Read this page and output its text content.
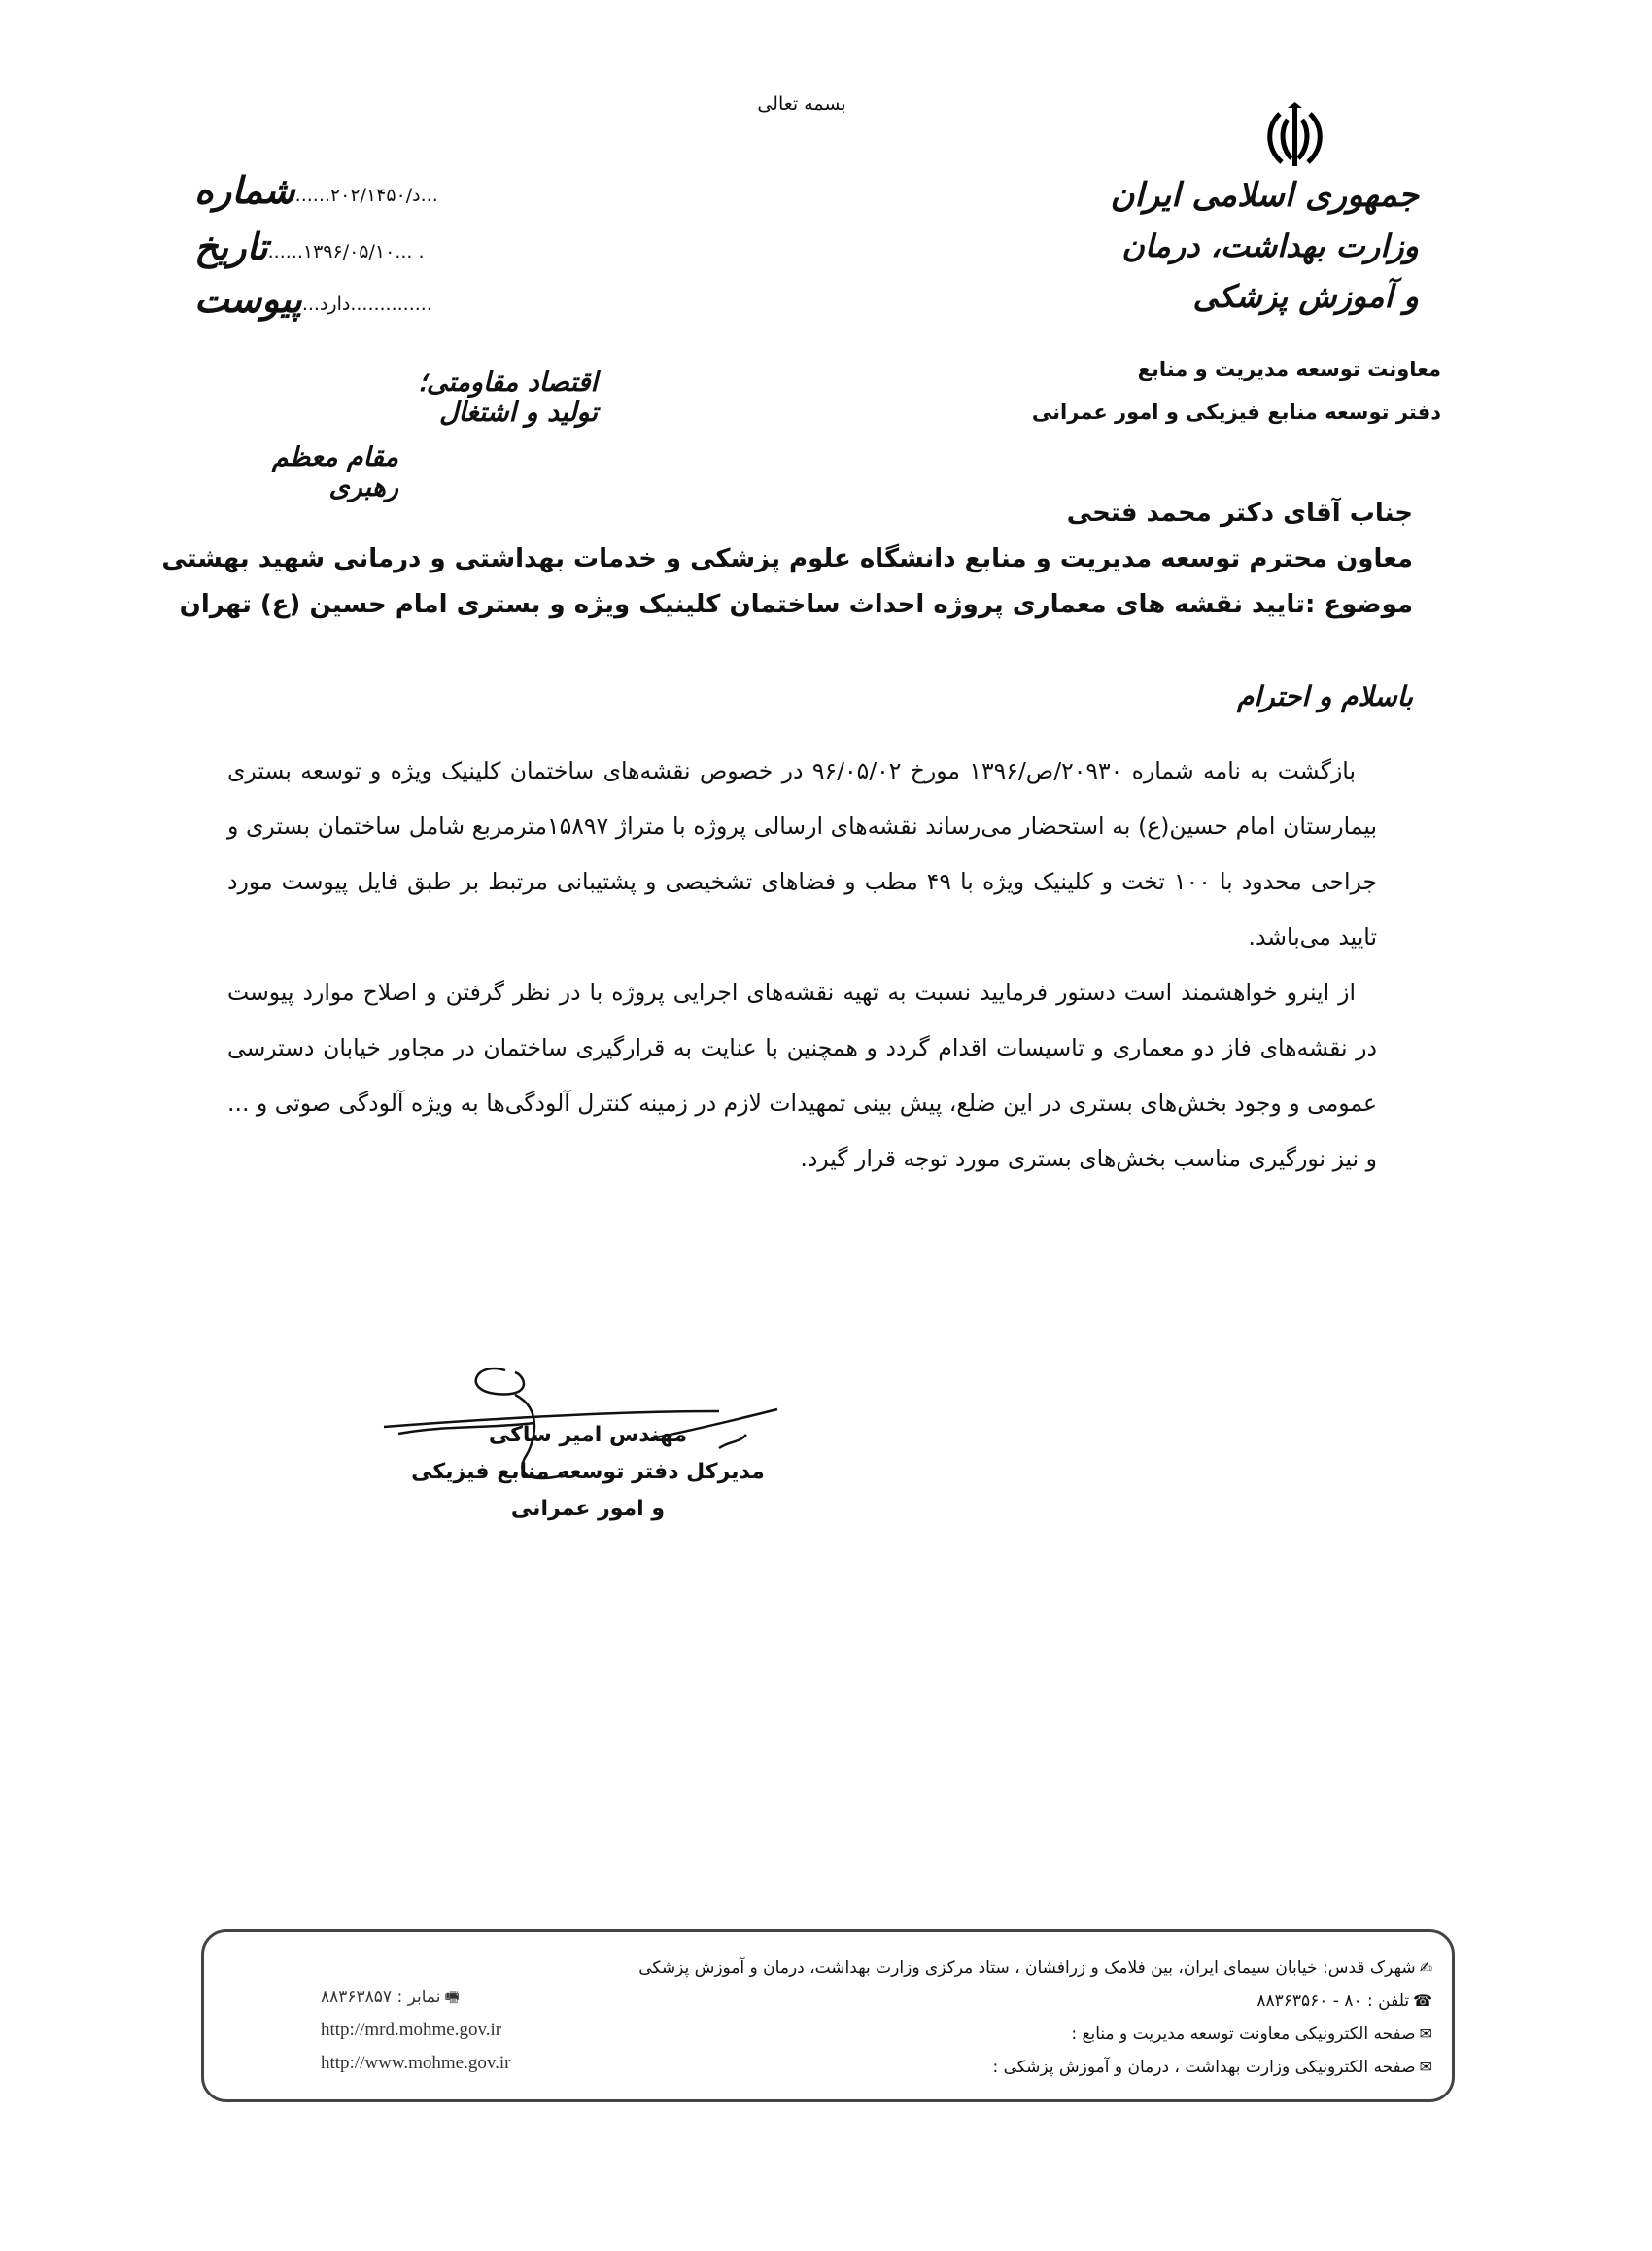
بسمه تعالی
جمهوری اسلامی ایران
وزارت بهداشت، درمان و آموزش پزشکی
شماره ...د/۲۰۲/۱۴۵۰......
تاریخ . ...۱۳۹۶/۰۵/۱۰......
پیوست ..............دارد...
معاونت توسعه مدیریت و منابع
دفتر توسعه منابع فیزیکی و امور عمرانی
اقتصاد مقاومتی؛ تولید و اشتغال
مقام معظم رهبری
جناب آقای دکتر محمد فتحی
معاون محترم توسعه مدیریت و منابع دانشگاه علوم پزشکی و خدمات بهداشتی و درمانی شهید بهشتی
موضوع :تایید نقشه های معماری پروژه احداث ساختمان کلینیک ویژه و بستری امام حسین (ع) تهران
باسلام و احترام

بازگشت به نامه شماره ۲۰۹۳۰/ص/۱۳۹۶ مورخ ۹۶/۰۵/۰۲ در خصوص نقشه‌های ساختمان کلینیک ویژه و توسعه بستری بیمارستان امام حسین(ع) به استحضار می‌رساند نقشه‌های ارسالی پروژه با متراژ ۱۵۸۹۷مترمربع شامل ساختمان بستری و جراحی محدود با ۱۰۰ تخت و کلینیک ویژه با ۴۹ مطب و فضاهای تشخیصی و پشتیبانی مرتبط بر طبق فایل پیوست مورد تایید می‌باشد.

از اینرو خواهشمند است دستور فرمایید نسبت به تهیه نقشه‌های اجرایی پروژه با در نظر گرفتن و اصلاح موارد پیوست در نقشه‌های فاز دو معماری و تاسیسات اقدام گردد و همچنین با عنایت به قرارگیری ساختمان در مجاور خیابان دسترسی عمومی و وجود بخش‌های بستری در این ضلع، پیش بینی تمهیدات لازم در زمینه کنترل آلودگی‌ها به ویژه آلودگی صوتی و ... و نیز نورگیری مناسب بخش‌های بستری مورد توجه قرار گیرد.

مهندس امیر ساکی
مدیرکل دفتر توسعه منابع فیزیکی
و امور عمرانی
✍شهرک قدس: خیابان سیمای ایران، بین فلامک و زرافشان ، ستاد مرکزی وزارت بهداشت، درمان و آموزش پزشکی
☎تلفن : ۸۰ - ۸۸۳۶۳۵۶۰
✉صفحه الکترونیکی معاونت توسعه مدیریت و منابع :
✉صفحه الکترونیکی وزارت بهداشت ، درمان و آموزش پزشکی :
🖷نمابر : ۸۸۳۶۳۸۵۷
http://mrd.mohme.gov.ir
http://www.mohme.gov.ir
